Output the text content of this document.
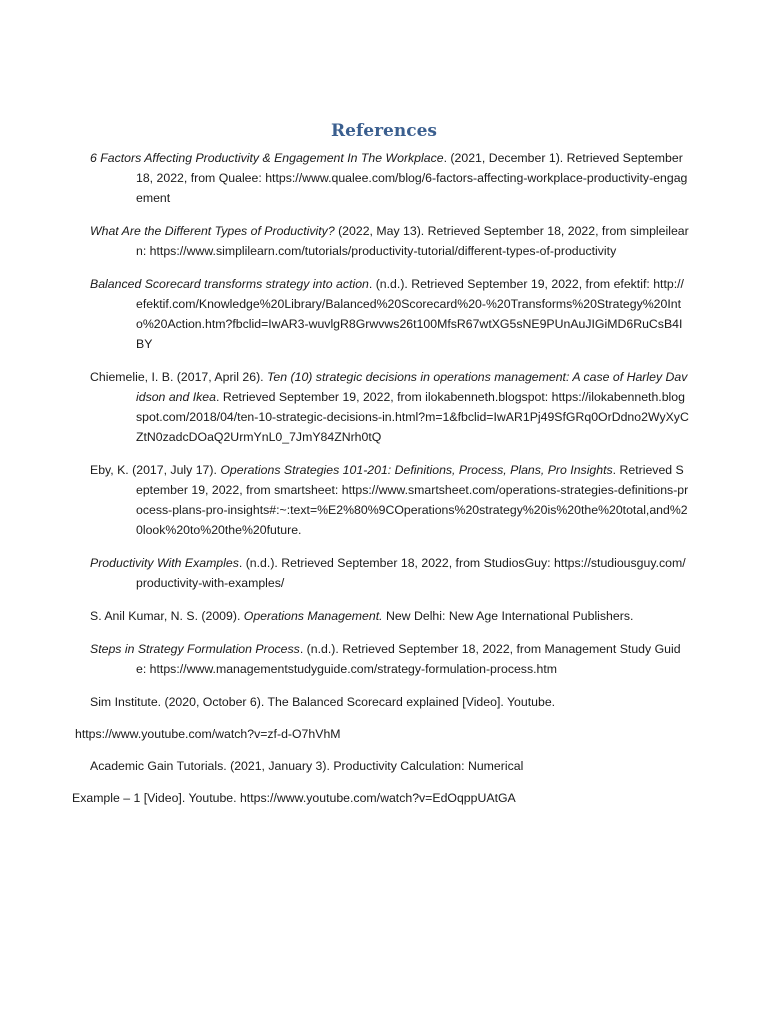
References
6 Factors Affecting Productivity & Engagement In The Workplace. (2021, December 1). Retrieved September 18, 2022, from Qualee: https://www.qualee.com/blog/6-factors-affecting-workplace-productivity-engagement
What Are the Different Types of Productivity? (2022, May 13). Retrieved September 18, 2022, from simpleilearn: https://www.simplilearn.com/tutorials/productivity-tutorial/different-types-of-productivity
Balanced Scorecard transforms strategy into action. (n.d.). Retrieved September 19, 2022, from efektif: http://efektif.com/Knowledge%20Library/Balanced%20Scorecard%20-%20Transforms%20Strategy%20Into%20Action.htm?fbclid=IwAR3-wuvlgR8Grwvws26t100MfsR67wtXG5sNE9PUnAuJIGiMD6RuCsB4IBY
Chiemelie, I. B. (2017, April 26). Ten (10) strategic decisions in operations management: A case of Harley Davidson and Ikea. Retrieved September 19, 2022, from ilokabenneth.blogspot: https://ilokabenneth.blogspot.com/2018/04/ten-10-strategic-decisions-in.html?m=1&fbclid=IwAR1Pj49SfGRq0OrDdno2WyXyCZtN0zadcDOaQ2UrmYnL0_7JmY84ZNrh0tQ
Eby, K. (2017, July 17). Operations Strategies 101-201: Definitions, Process, Plans, Pro Insights. Retrieved September 19, 2022, from smartsheet: https://www.smartsheet.com/operations-strategies-definitions-process-plans-pro-insights#:~:text=%E2%80%9COperations%20strategy%20is%20the%20total,and%20look%20to%20the%20future.
Productivity With Examples. (n.d.). Retrieved September 18, 2022, from StudiosGuy: https://studiousguy.com/productivity-with-examples/
S. Anil Kumar, N. S. (2009). Operations Management. New Delhi: New Age International Publishers.
Steps in Strategy Formulation Process. (n.d.). Retrieved September 18, 2022, from Management Study Guide: https://www.managementstudyguide.com/strategy-formulation-process.htm
Sim Institute. (2020, October 6). The Balanced Scorecard explained [Video]. Youtube.
https://www.youtube.com/watch?v=zf-d-O7hVhM
Academic Gain Tutorials. (2021, January 3). Productivity Calculation: Numerical
Example – 1 [Video]. Youtube. https://www.youtube.com/watch?v=EdOqppUAtGA
